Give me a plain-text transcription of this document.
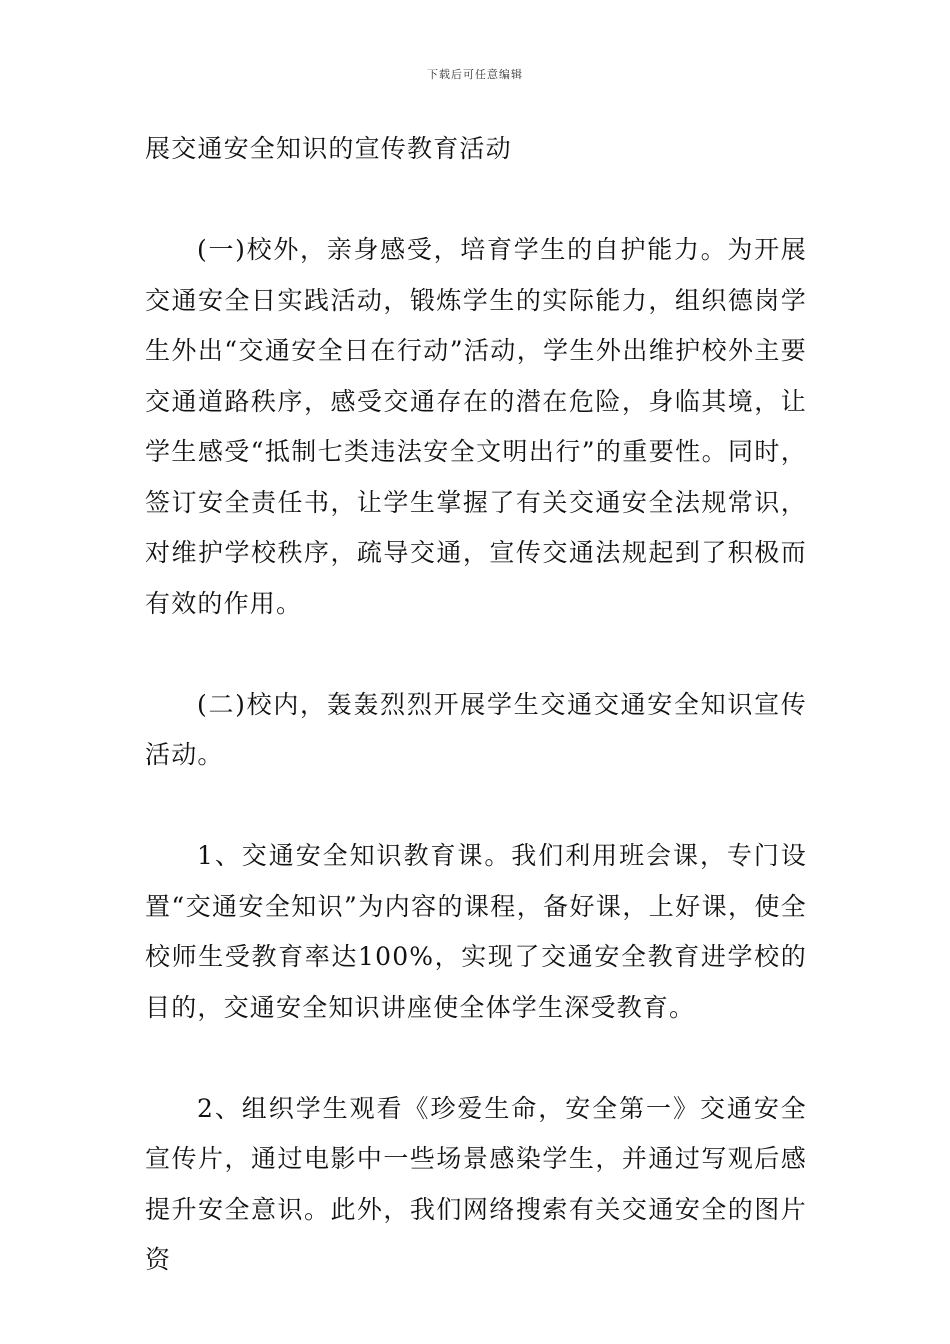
下载后可任意编辑

展交通安全知识的宣传教育活动

(一)校外，亲身感受，培育学生的自护能力。为开展交通安全日实践活动，锻炼学生的实际能力，组织德岗学生外出“交通安全日在行动”活动，学生外出维护校外主要交通道路秩序，感受交通存在的潜在危险，身临其境，让学生感受“抵制七类违法安全文明出行”的重要性。同时，签订安全责任书，让学生掌握了有关交通安全法规常识，对维护学校秩序，疏导交通，宣传交通法规起到了积极而有效的作用。

(二)校内，轰轰烈烈开展学生交通交通安全知识宣传活动。

1、交通安全知识教育课。我们利用班会课，专门设置“交通安全知识”为内容的课程，备好课，上好课，使全校师生受教育率达100%，实现了交通安全教育进学校的目的，交通安全知识讲座使全体学生深受教育。

2、组织学生观看《珍爱生命，安全第一》交通安全宣传片，通过电影中一些场景感染学生，并通过写观后感提升安全意识。此外，我们网络搜索有关交通安全的图片资
